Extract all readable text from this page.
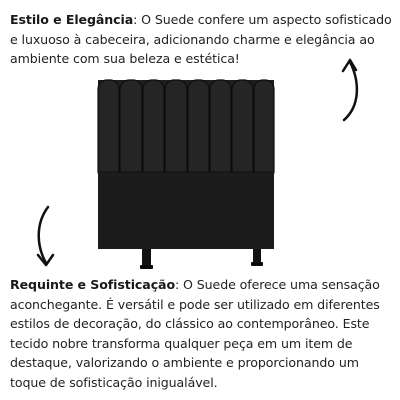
Estilo e Elegância: O Suede confere um aspecto sofisticado e luxuoso à cabeceira, adicionando charme e elegância ao ambiente com sua beleza e estética!
Requinte e Sofisticação: O Suede oferece uma sensação aconchegante. É versátil e pode ser utilizado em diferentes estilos de decoração, do clássico ao contemporâneo. Este tecido nobre transforma qualquer peça em um item de destaque, valorizando o ambiente e proporcionando um toque de sofisticação inigualável.
